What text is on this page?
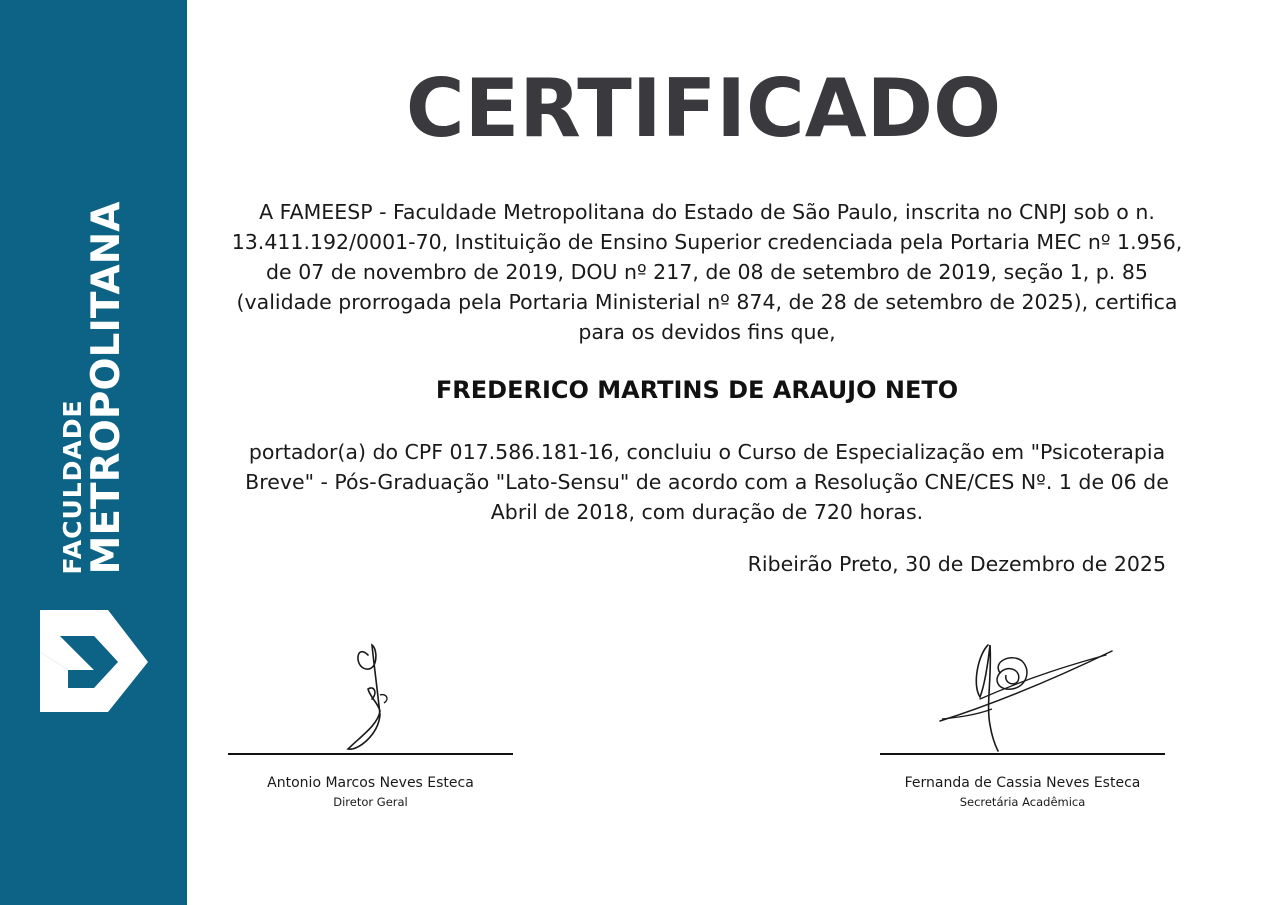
FACULDADE
METROPOLITANA
CERTIFICADO
A FAMEESP - Faculdade Metropolitana do Estado de São Paulo, inscrita no CNPJ sob o n. 13.411.192/0001-70, Instituição de Ensino Superior credenciada pela Portaria MEC nº 1.956, de 07 de novembro de 2019, DOU nº 217, de 08 de setembro de 2019, seção 1, p. 85 (validade prorrogada pela Portaria Ministerial nº 874, de 28 de setembro de 2025), certifica para os devidos fins que,
FREDERICO MARTINS DE ARAUJO NETO
portador(a) do CPF 017.586.181-16, concluiu o Curso de Especialização em "Psicoterapia Breve" - Pós-Graduação "Lato-Sensu" de acordo com a Resolução CNE/CES Nº. 1 de 06 de Abril de 2018, com duração de 720 horas.
Ribeirão Preto, 30 de Dezembro de 2025
Antonio Marcos Neves Esteca
Diretor Geral
Fernanda de Cassia Neves Esteca
Secretária Acadêmica
